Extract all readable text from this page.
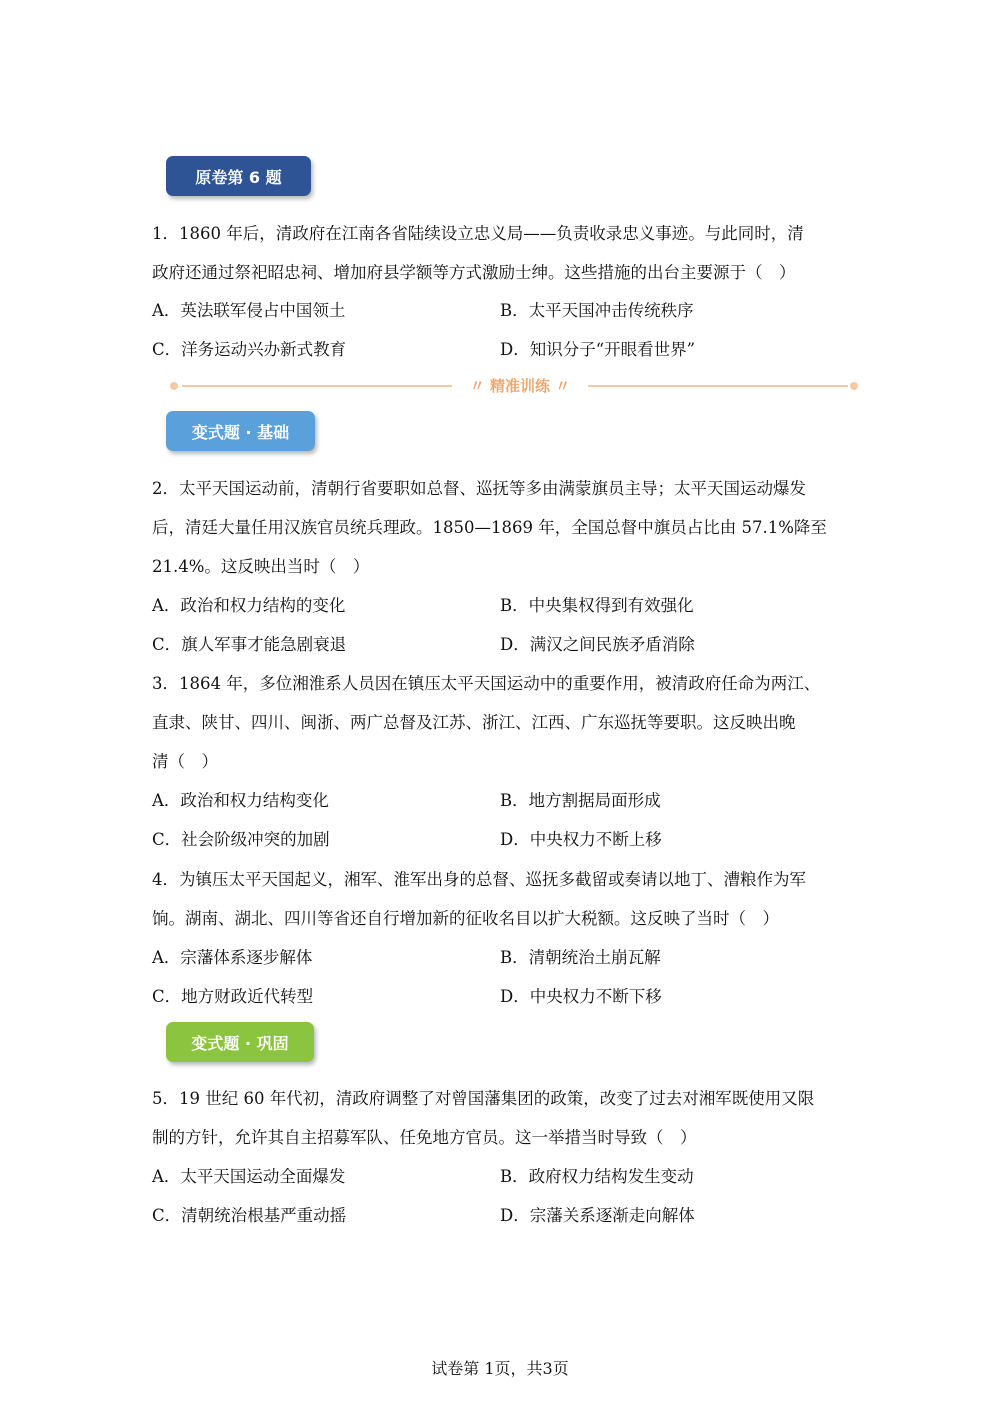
原卷第 6 题

1．1860 年后，清政府在江南各省陆续设立忠义局——负责收录忠义事迹。与此同时，清

政府还通过祭祀昭忠祠、增加府县学额等方式激励士绅。这些措施的出台主要源于（　）

A．英法联军侵占中国领土	B．太平天国冲击传统秩序
C．洋务运动兴办新式教育	D．知识分子“开眼看世界”
〃 精准训练 〃
变式题 · 基础

2．太平天国运动前，清朝行省要职如总督、巡抚等多由满蒙旗员主导；太平天国运动爆发

后，清廷大量任用汉族官员统兵理政。1850—1869 年，全国总督中旗员占比由 57.1%降至

21.4%。这反映出当时（　）

A．政治和权力结构的变化	B．中央集权得到有效强化
C．旗人军事才能急剧衰退	D．满汉之间民族矛盾消除

3．1864 年，多位湘淮系人员因在镇压太平天国运动中的重要作用，被清政府任命为两江、

直隶、陕甘、四川、闽浙、两广总督及江苏、浙江、江西、广东巡抚等要职。这反映出晚

清（　）

A．政治和权力结构变化	B．地方割据局面形成
C．社会阶级冲突的加剧	D．中央权力不断上移

4．为镇压太平天国起义，湘军、淮军出身的总督、巡抚多截留或奏请以地丁、漕粮作为军

饷。湖南、湖北、四川等省还自行增加新的征收名目以扩大税额。这反映了当时（　）

A．宗藩体系逐步解体	B．清朝统治土崩瓦解
C．地方财政近代转型	D．中央权力不断下移
变式题 · 巩固

5．19 世纪 60 年代初，清政府调整了对曾国藩集团的政策，改变了过去对湘军既使用又限

制的方针，允许其自主招募军队、任免地方官员。这一举措当时导致（　）

A．太平天国运动全面爆发	B．政府权力结构发生变动
C．清朝统治根基严重动摇	D．宗藩关系逐渐走向解体
试卷第 1页，共3页
